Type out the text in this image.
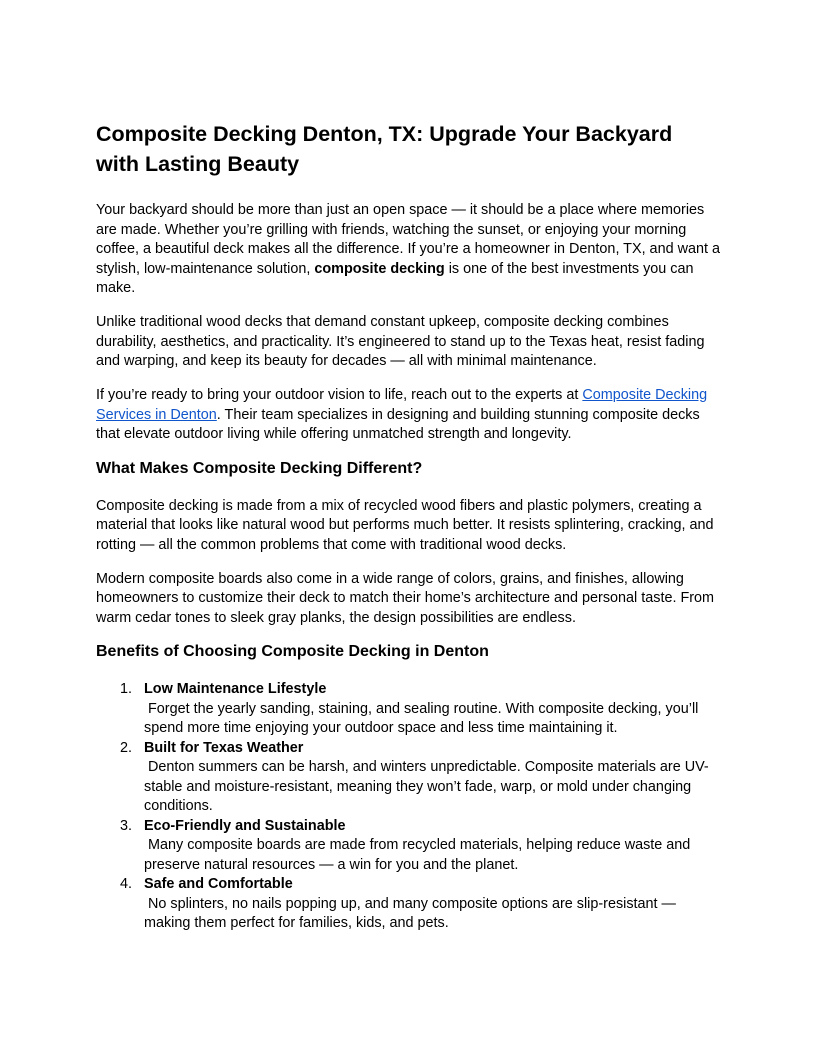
Composite Decking Denton, TX: Upgrade Your Backyard with Lasting Beauty

Your backyard should be more than just an open space — it should be a place where memories are made. Whether you’re grilling with friends, watching the sunset, or enjoying your morning coffee, a beautiful deck makes all the difference. If you’re a homeowner in Denton, TX, and want a stylish, low-maintenance solution, composite decking is one of the best investments you can make.

Unlike traditional wood decks that demand constant upkeep, composite decking combines durability, aesthetics, and practicality. It’s engineered to stand up to the Texas heat, resist fading and warping, and keep its beauty for decades — all with minimal maintenance.

If you’re ready to bring your outdoor vision to life, reach out to the experts at Composite Decking Services in Denton. Their team specializes in designing and building stunning composite decks that elevate outdoor living while offering unmatched strength and longevity.

What Makes Composite Decking Different?

Composite decking is made from a mix of recycled wood fibers and plastic polymers, creating a material that looks like natural wood but performs much better. It resists splintering, cracking, and rotting — all the common problems that come with traditional wood decks.

Modern composite boards also come in a wide range of colors, grains, and finishes, allowing homeowners to customize their deck to match their home’s architecture and personal taste. From warm cedar tones to sleek gray planks, the design possibilities are endless.

Benefits of Choosing Composite Decking in Denton
1. Low Maintenance Lifestyle
Forget the yearly sanding, staining, and sealing routine. With composite decking, you’ll spend more time enjoying your outdoor space and less time maintaining it.
2. Built for Texas Weather
Denton summers can be harsh, and winters unpredictable. Composite materials are UV-stable and moisture-resistant, meaning they won’t fade, warp, or mold under changing conditions.
3. Eco-Friendly and Sustainable
Many composite boards are made from recycled materials, helping reduce waste and preserve natural resources — a win for you and the planet.
4. Safe and Comfortable
No splinters, no nails popping up, and many composite options are slip-resistant — making them perfect for families, kids, and pets.
